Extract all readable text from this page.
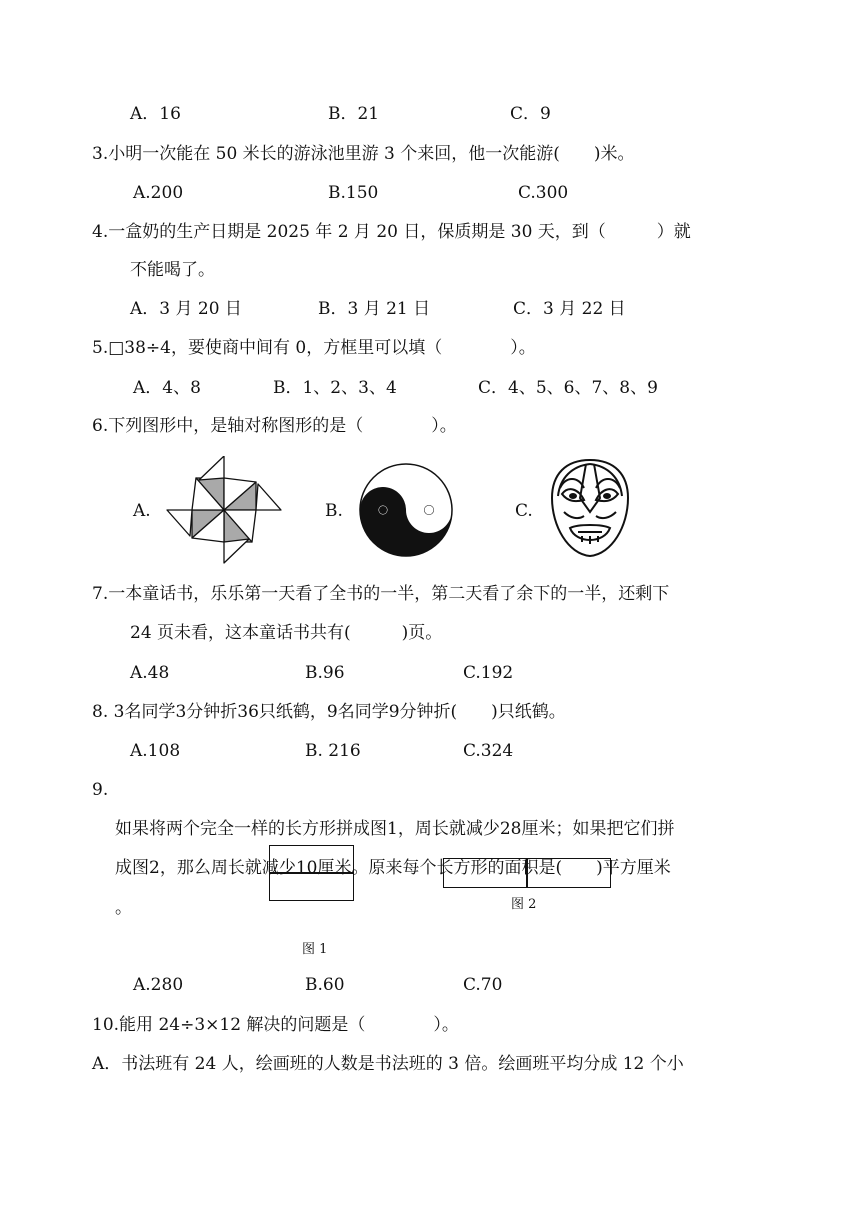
A．16	B．21	C．9
3.小明一次能在 50 米长的游泳池里游 3 个来回，他一次能游(　　)米。
A.200	B.150	C.300
4.一盒奶的生产日期是 2025 年 2 月 20 日，保质期是 30 天，到（　　　）就
不能喝了。
A．3 月 20 日	B．3 月 21 日	C．3 月 22 日
5.□38÷4，要使商中间有 0，方框里可以填（　　　　）。
A．4、8	B．1、2、3、4	C．4、5、6、7、8、9
6.下列图形中，是轴对称图形的是（　　　　）。
A.	B.	C.
7.一本童话书，乐乐第一天看了全书的一半，第二天看了余下的一半，还剩下
24 页未看，这本童话书共有(　　　)页。
A.48	B.96	C.192
8. 3名同学3分钟折36只纸鹤，9名同学9分钟折(　　)只纸鹤。
A.108	B. 216	C.324
9.
如果将两个完全一样的长方形拼成图1，周长就减少28厘米；如果把它们拼
成图2，那么周长就减少10厘米。原来每个长方形的面积是(　　)平方厘米
。	图 2
图 1
A.280	B.60	C.70
10.能用 24÷3×12 解决的问题是（　　　　）。
A．书法班有 24 人，绘画班的人数是书法班的 3 倍。绘画班平均分成 12 个小
